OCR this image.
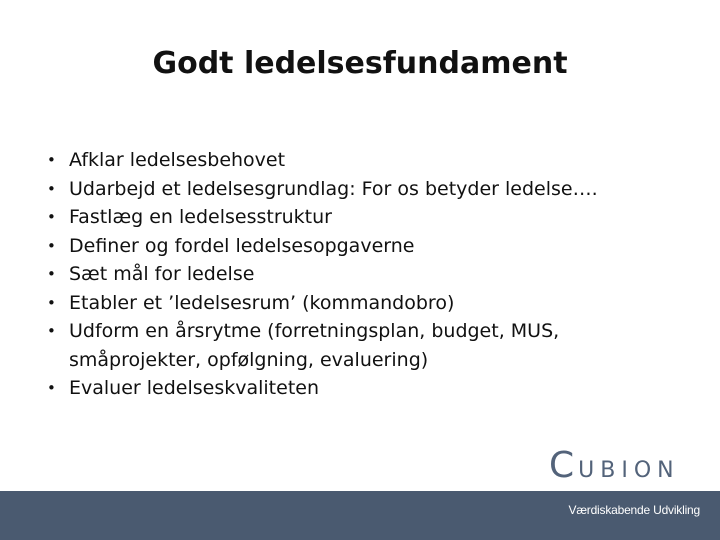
Godt ledelsesfundament
• Afklar ledelsesbehovet
• Udarbejd et ledelsesgrundlag: For os betyder ledelse….
• Fastlæg en ledelsesstruktur
• Definer og fordel ledelsesopgaverne
• Sæt mål for ledelse
• Etabler et ’ledelsesrum’ (kommandobro)
• Udform en årsrytme (forretningsplan, budget, MUS, småprojekter, opfølgning, evaluering)
• Evaluer ledelseskvaliteten
CUBION
Værdiskabende Udvikling
